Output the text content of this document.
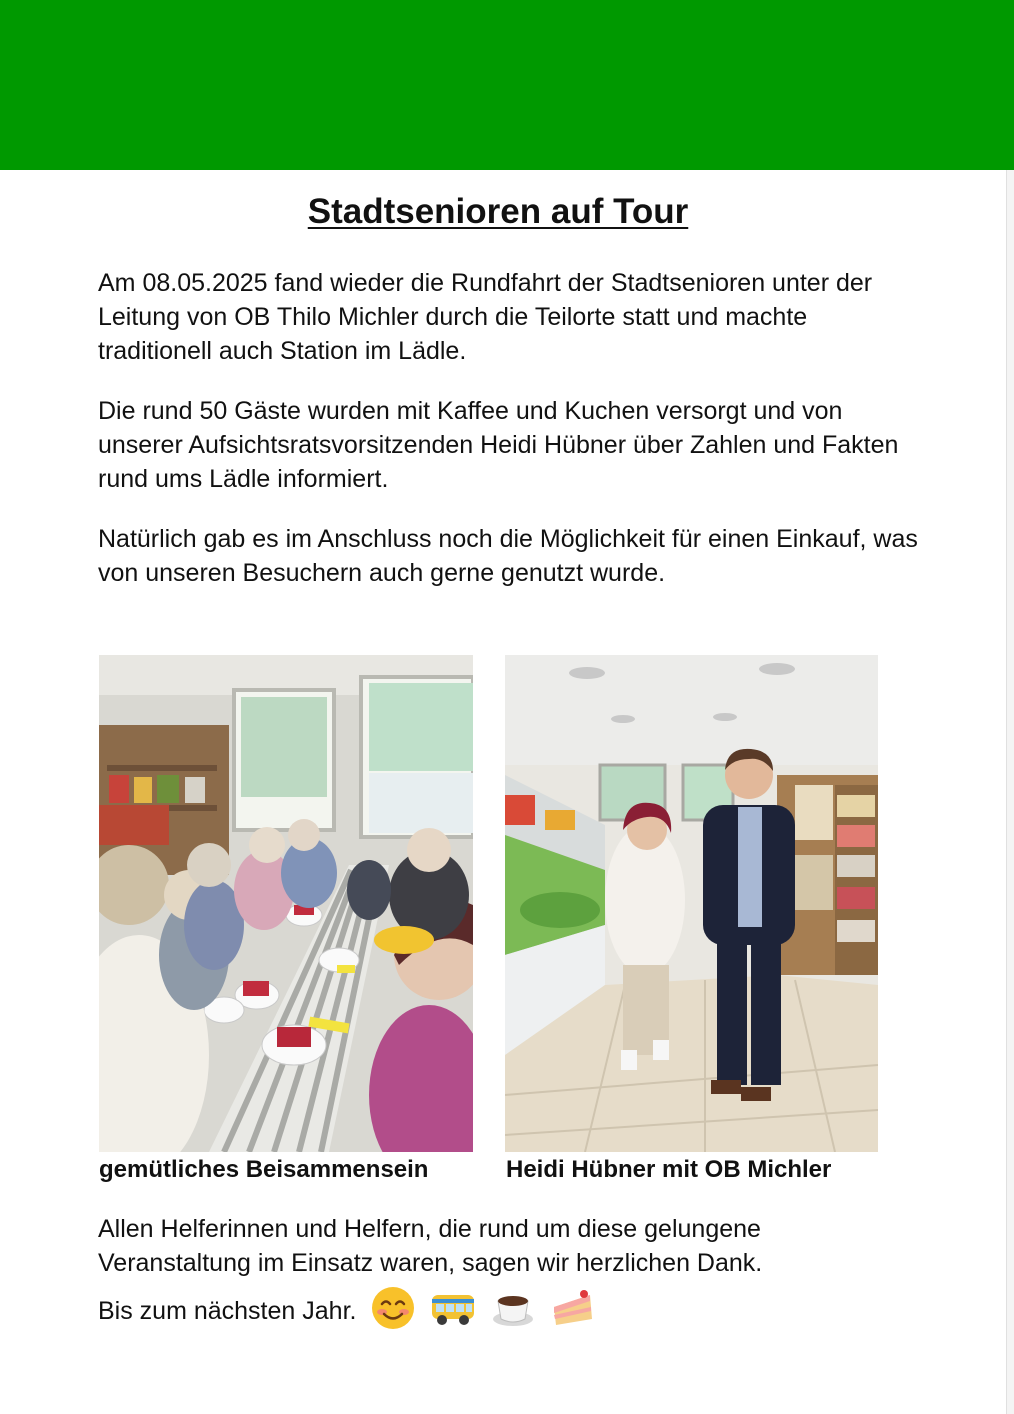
Stadtsenioren auf Tour

Am 08.05.2025 fand wieder die Rundfahrt der Stadtsenioren unter der Leitung von OB Thilo Michler durch die Teilorte statt und machte traditionell auch Station im Lädle.

Die rund 50 Gäste wurden mit Kaffee und Kuchen versorgt und von unserer Aufsichtsratsvorsitzenden Heidi Hübner über Zahlen und Fakten rund ums Lädle informiert.

Natürlich gab es im Anschluss noch die Möglichkeit für einen Einkauf, was von unseren Besuchern auch gerne genutzt wurde.

gemütliches Beisammensein	Heidi Hübner mit OB Michler

Allen Helferinnen und Helfern, die rund um diese gelungene Veranstaltung im Einsatz waren, sagen wir herzlichen Dank.

Bis zum nächsten Jahr.
